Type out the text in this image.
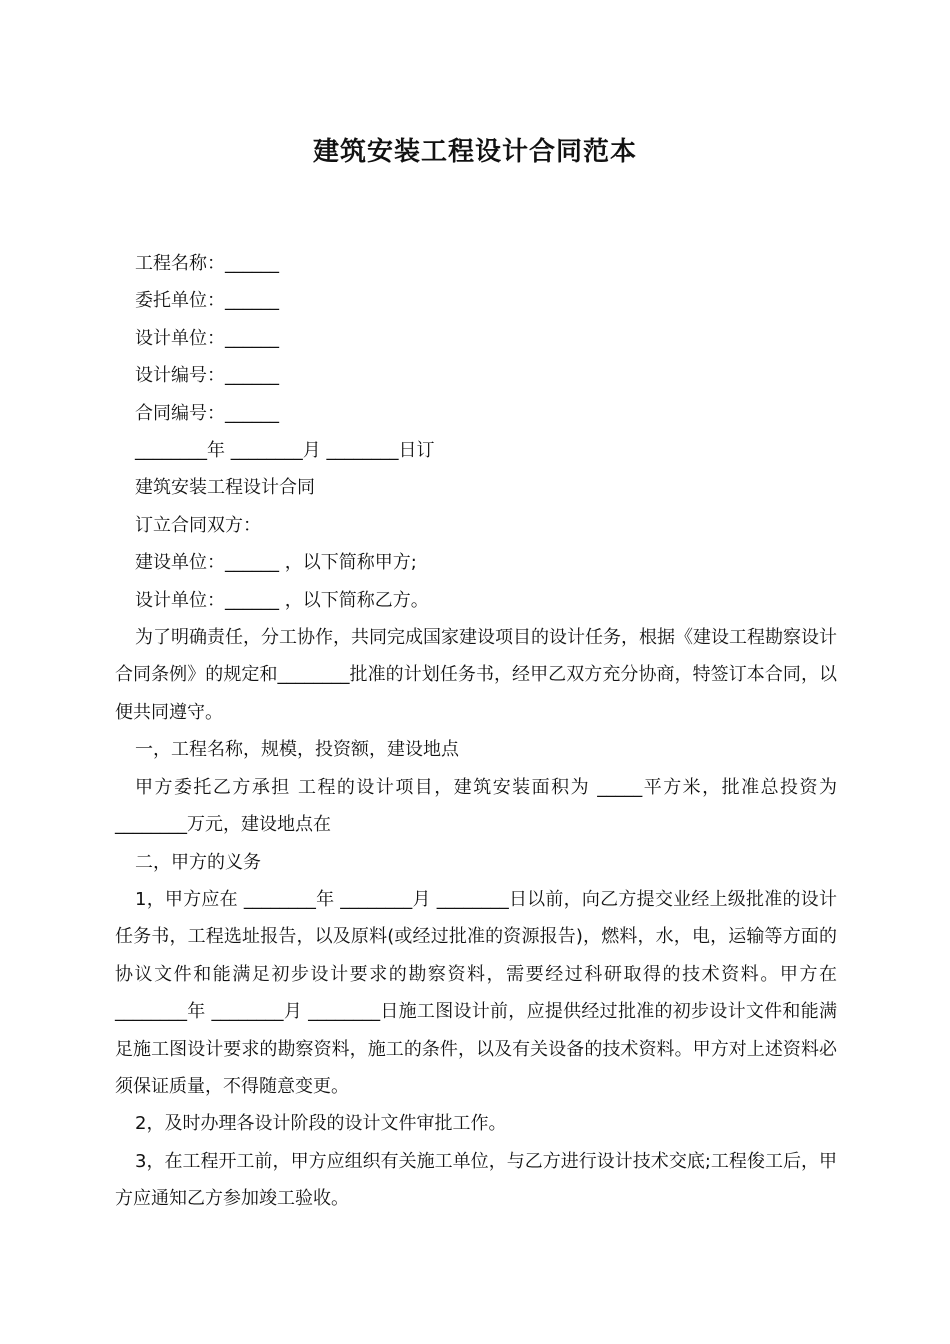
建筑安装工程设计合同范本

工程名称：______

委托单位：______

设计单位：______

设计编号：______

合同编号：______

________年 ________月 ________日订

建筑安装工程设计合同

订立合同双方：

建设单位：______ ，以下简称甲方;

设计单位：______ ，以下简称乙方。

为了明确责任，分工协作，共同完成国家建设项目的设计任务，根据《建设工程勘察设计合同条例》的规定和________批准的计划任务书，经甲乙双方充分协商，特签订本合同，以便共同遵守。

一，工程名称，规模，投资额，建设地点

甲方委托乙方承担 工程的设计项目，建筑安装面积为 _____平方米，批准总投资为________万元，建设地点在

二，甲方的义务

1，甲方应在 ________年 ________月 ________日以前，向乙方提交业经上级批准的设计任务书，工程选址报告，以及原料(或经过批准的资源报告)，燃料，水，电，运输等方面的协议文件和能满足初步设计要求的勘察资料，需要经过科研取得的技术资料。甲方在 ________年 ________月 ________日施工图设计前，应提供经过批准的初步设计文件和能满足施工图设计要求的勘察资料，施工的条件，以及有关设备的技术资料。甲方对上述资料必须保证质量，不得随意变更。

2，及时办理各设计阶段的设计文件审批工作。

3，在工程开工前，甲方应组织有关施工单位，与乙方进行设计技术交底;工程俊工后，甲方应通知乙方参加竣工验收。
